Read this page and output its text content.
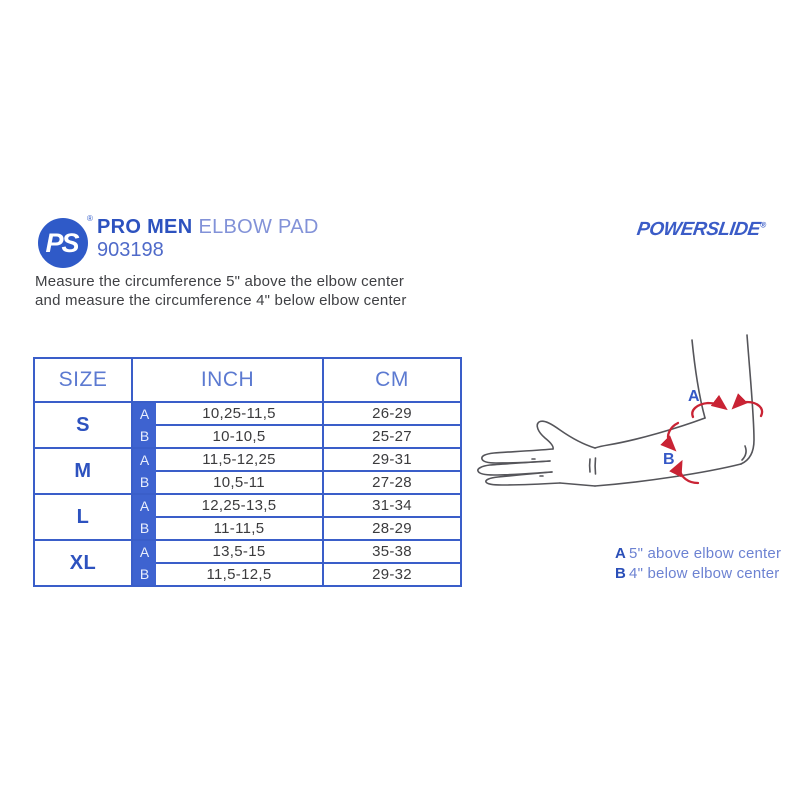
PS
® PRO MEN ELBOW PAD
903198
POWERSLIDE®

Measure the circumference 5" above the elbow center
and measure the circumference 4" below elbow center

SIZE	INCH		CM
S	A	10,25-11,5	26-29
	B	10-10,5	25-27
M	A	11,5-12,25	29-31
	B	10,5-11	27-28
L	A	12,25-13,5	31-34
	B	11-11,5	28-29
XL	A	13,5-15	35-38
	B	11,5-12,5	29-32
A
B
A 5" above elbow center
B 4" below elbow center
